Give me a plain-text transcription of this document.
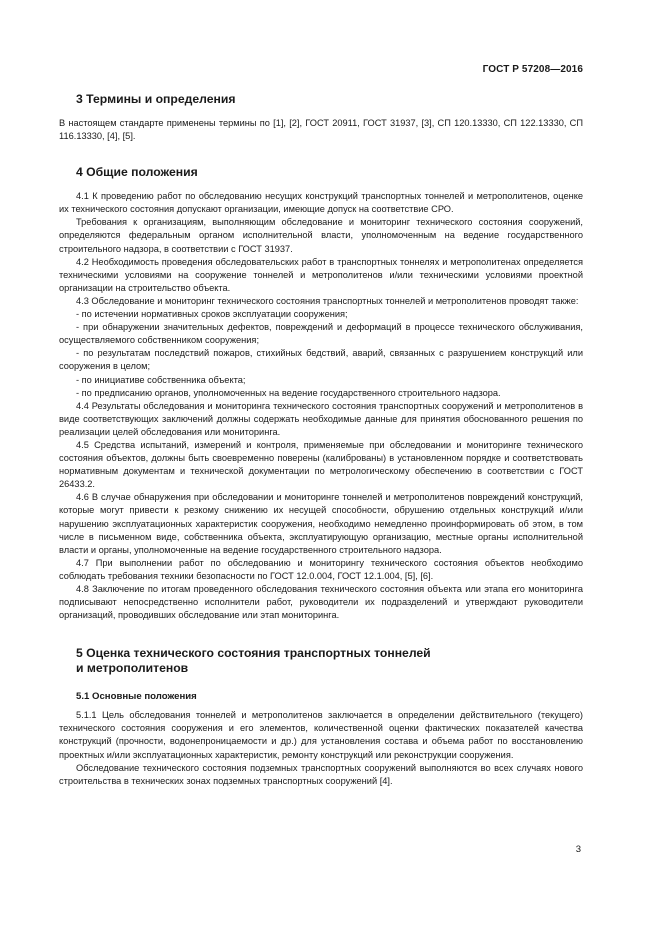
ГОСТ Р 57208—2016
3 Термины и определения

В настоящем стандарте применены термины по [1], [2], ГОСТ 20911, ГОСТ 31937, [3], СП 120.13330, СП 122.13330, СП 116.13330, [4], [5].

4 Общие положения

4.1 К проведению работ по обследованию несущих конструкций транспортных тоннелей и метрополитенов, оценке их технического состояния допускают организации, имеющие допуск на соответствие СРО.

Требования к организациям, выполняющим обследование и мониторинг технического состояния сооружений, определяются федеральным органом исполнительной власти, уполномоченным на ведение государственного строительного надзора, в соответствии с ГОСТ 31937.

4.2 Необходимость проведения обследовательских работ в транспортных тоннелях и метрополитенах определяется техническими условиями на сооружение тоннелей и метрополитенов и/или техническими условиями проектной организации на строительство объекта.

4.3 Обследование и мониторинг технического состояния транспортных тоннелей и метрополитенов проводят также:

- по истечении нормативных сроков эксплуатации сооружения;

- при обнаружении значительных дефектов, повреждений и деформаций в процессе технического обслуживания, осуществляемого собственником сооружения;

- по результатам последствий пожаров, стихийных бедствий, аварий, связанных с разрушением конструкций или сооружения в целом;

- по инициативе собственника объекта;

- по предписанию органов, уполномоченных на ведение государственного строительного надзора.

4.4 Результаты обследования и мониторинга технического состояния транспортных сооружений и метрополитенов в виде соответствующих заключений должны содержать необходимые данные для принятия обоснованного решения по реализации целей обследования или мониторинга.

4.5 Средства испытаний, измерений и контроля, применяемые при обследовании и мониторинге технического состояния объектов, должны быть своевременно поверены (калиброваны) в установленном порядке и соответствовать нормативным документам и технической документации по метрологическому обеспечению в соответствии с ГОСТ 26433.2.

4.6 В случае обнаружения при обследовании и мониторинге тоннелей и метрополитенов повреждений конструкций, которые могут привести к резкому снижению их несущей способности, обрушению отдельных конструкций и/или нарушению эксплуатационных характеристик сооружения, необходимо немедленно проинформировать об этом, в том числе в письменном виде, собственника объекта, эксплуатирующую организацию, местные органы исполнительной власти и органы, уполномоченные на ведение государственного строительного надзора.

4.7 При выполнении работ по обследованию и мониторингу технического состояния объектов необходимо соблюдать требования техники безопасности по ГОСТ 12.0.004, ГОСТ 12.1.004, [5], [6].

4.8 Заключение по итогам проведенного обследования технического состояния объекта или этапа его мониторинга подписывают непосредственно исполнители работ, руководители их подразделений и утверждают руководители организаций, проводивших обследование или этап мониторинга.

5 Оценка технического состояния транспортных тоннелей
и метрополитенов
5.1 Основные положения

5.1.1 Цель обследования тоннелей и метрополитенов заключается в определении действительного (текущего) технического состояния сооружения и его элементов, количественной оценки фактических показателей качества конструкций (прочности, водонепроницаемости и др.) для установления состава и объема работ по восстановлению проектных и/или эксплуатационных характеристик, ремонту конструкций или реконструкции сооружения.

Обследование технического состояния подземных транспортных сооружений выполняются во всех случаях нового строительства в технических зонах подземных транспортных сооружений [4].

3
